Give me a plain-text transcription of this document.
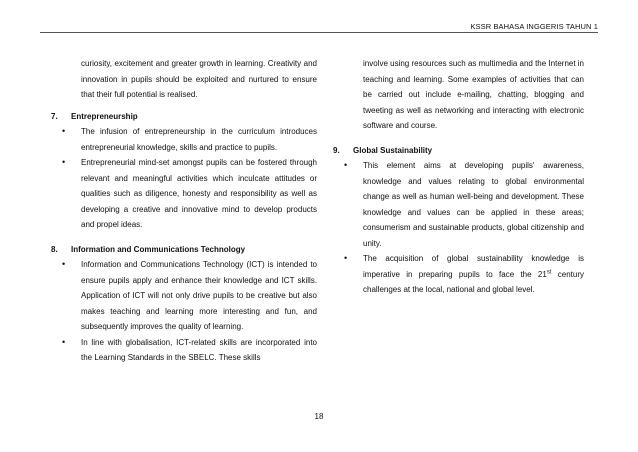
KSSR BAHASA INGGERIS TAHUN 1
curiosity, excitement and greater growth in learning. Creativity and innovation in pupils should be exploited and nurtured to ensure that their full potential is realised.
7. Entrepreneurship
• The infusion of entrepreneurship in the curriculum introduces entrepreneurial knowledge, skills and practice to pupils.
• Entrepreneurial mind-set amongst pupils can be fostered through relevant and meaningful activities which inculcate attitudes or qualities such as diligence, honesty and responsibility as well as developing a creative and innovative mind to develop products and propel ideas.
8. Information and Communications Technology
• Information and Communications Technology (ICT) is intended to ensure pupils apply and enhance their knowledge and ICT skills. Application of ICT will not only drive pupils to be creative but also makes teaching and learning more interesting and fun, and subsequently improves the quality of learning.
• In line with globalisation, ICT-related skills are incorporated into the Learning Standards in the SBELC. These skills
involve using resources such as multimedia and the Internet in teaching and learning. Some examples of activities that can be carried out include e-mailing, chatting, blogging and tweeting as well as networking and interacting with electronic software and course.
9. Global Sustainability
• This element aims at developing pupils' awareness, knowledge and values relating to global environmental change as well as human well-being and development. These knowledge and values can be applied in these areas; consumerism and sustainable products, global citizenship and unity.
• The acquisition of global sustainability knowledge is imperative in preparing pupils to face the 21st century challenges at the local, national and global level.
18
